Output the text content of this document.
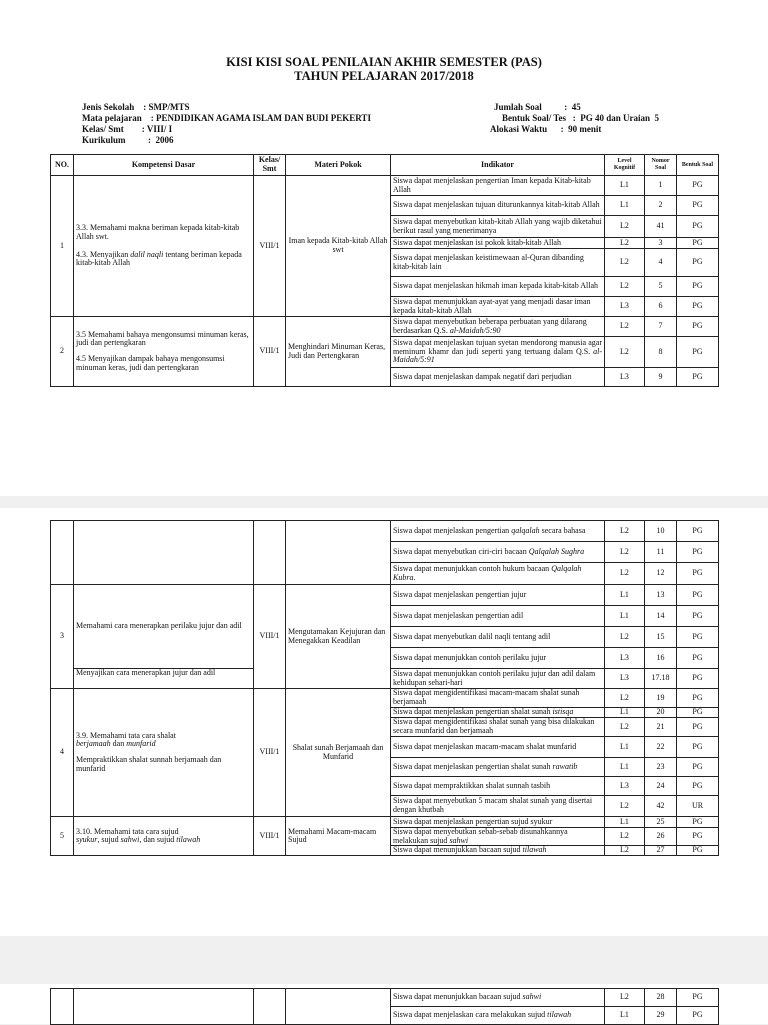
KISI KISI SOAL PENILAIAN AKHIR SEMESTER (PAS)
TAHUN PELAJARAN 2017/2018
Jenis Sekolah    : SMP/MTS
Mata pelajaran    : PENDIDIKAN AGAMA ISLAM DAN BUDI PEKERTI
Kelas/ Smt        : VIII/ I
Kurikulum          :  2006
Jumlah Soal          :  45
Bentuk Soal/ Tes   :  PG 40 dan Uraian  5
Alokasi Waktu      :  90 menit
NO.	Kompetensi Dasar	Kelas/ Smt	Materi Pokok	Indikator	Level Kognitif	Nomor Soal	Bentuk Soal
1	3.3. Memahami makna beriman kepada kitab-kitab Allah swt.
4.3. Menyajikan dalil naqli tentang beriman kepada kitab-kitab Allah	VIII/1	Iman kepada Kitab-kitab Allah swt	Siswa dapat menjelaskan pengertian Iman kepada Kitab-kitab Allah	L1	1	PG
				Siswa dapat menjelaskan tujuan diturunkannya kitab-kitab Allah	L1	2	PG
				Siswa dapat menyebutkan kitab-kitab Allah yang wajib diketahui berikut rasul yang menerimanya	L2	41	PG
				Siswa dapat menjelaskan isi pokok kitab-kitab Allah	L2	3	PG
				Siswa dapat menjelaskan keistimewaan al-Quran dibanding kitab-kitab lain	L2	4	PG
				Siswa dapat menjelaskan hikmah iman kepada kitab-kitab Allah	L2	5	PG
				Siswa dapat menunjukkan ayat-ayat yang menjadi dasar iman kepada kitab-kitab Allah	L3	6	PG
2	3.5 Memahami bahaya mengonsumsi minuman keras, judi dan pertengkaran
4.5 Menyajikan dampak bahaya mengonsumsi minuman keras, judi dan pertengkaran	VIII/1	Menghindari Minuman Keras, Judi dan Pertengkaran	Siswa dapat menyebutkan beberapa perbuatan yang dilarang berdasarkan Q.S. al-Maidah/5:90	L2	7	PG
				Siswa dapat menjelaskan tujuan syetan mendorong manusia agar meminum khamr dan judi seperti yang tertuang dalam Q.S. al-Maidah/5:91	L2	8	PG
				Siswa dapat menjelaskan dampak negatif dari perjudian	L3	9	PG
				Siswa dapat menjelaskan pengertian qalqalah secara bahasa	L2	10	PG
				Siswa dapat menyebutkan ciri-ciri bacaan Qalqalah Sughra	L2	11	PG
				Siswa dapat menunjukkan contoh hukum bacaan Qalqalah Kubra.	L2	12	PG
3	Memahami cara menerapkan perilaku jujur dan adil	VIII/1	Mengutamakan Kejujuran dan Menegakkan Keadilan	Siswa dapat menjelaskan pengertian jujur	L1	13	PG
				Siswa dapat menjelaskan pengertian adil	L1	14	PG
				Siswa dapat menyebutkan dalil naqli tentang adil	L2	15	PG
				Siswa dapat menunjukkan contoh perilaku jujur	L3	16	PG
	Menyajikan cara menerapkan jujur dan adil			Siswa dapat menunjukkan contoh perilaku jujur dan adil dalam kehidupan sehari-hari	L3	17.18	PG
4	3.9. Memahami tata cara shalat
berjamaah dan munfarid
Mempraktikkan shalat sunnah berjamaah dan munfarid	VIII/1	Shalat sunah Berjamaah dan Munfarid	Siswa dapat mengidentifikasi macam-macam shalat sunah berjamaah	L2	19	PG
				Siswa dapat menjelaskan pengertian shalat sunah istisqa	L1	20	PG
				Siswa dapat mengidentifikasi shalat sunah yang bisa dilakukan secara munfarid dan berjamaah	L2	21	PG
				Siswa dapat menjelaskan macam-macam shalat munfarid	L1	22	PG
				Siswa dapat menjelaskan pengertian shalat sunah rawatib	L1	23	PG
				Siswa dapat mempraktikkan shalat sunnah tasbih	L3	24	PG
				Siswa dapat menyebutkan 5 macam shalat sunah yang disertai dengan khutbah	L2	42	UR
5	3.10. Memahami tata cara sujud
syukur, sujud sahwi, dan sujud tilawah	VIII/1	Memahami Macam-macam Sujud	Siswa dapat menjelaskan pengertian sujud syukur	L1	25	PG
				Siswa dapat menyebutkan sebab-sebab disunahkannya melakukan sujud sahwi	L2	26	PG
				Siswa dapat menunjukkan bacaan sujud tilawah	L2	27	PG
				Siswa dapat menunjukkan bacaan sujud sahwi	L2	28	PG
				Siswa dapat menjelaskan cara melakukan sujud tilawah	L1	29	PG
